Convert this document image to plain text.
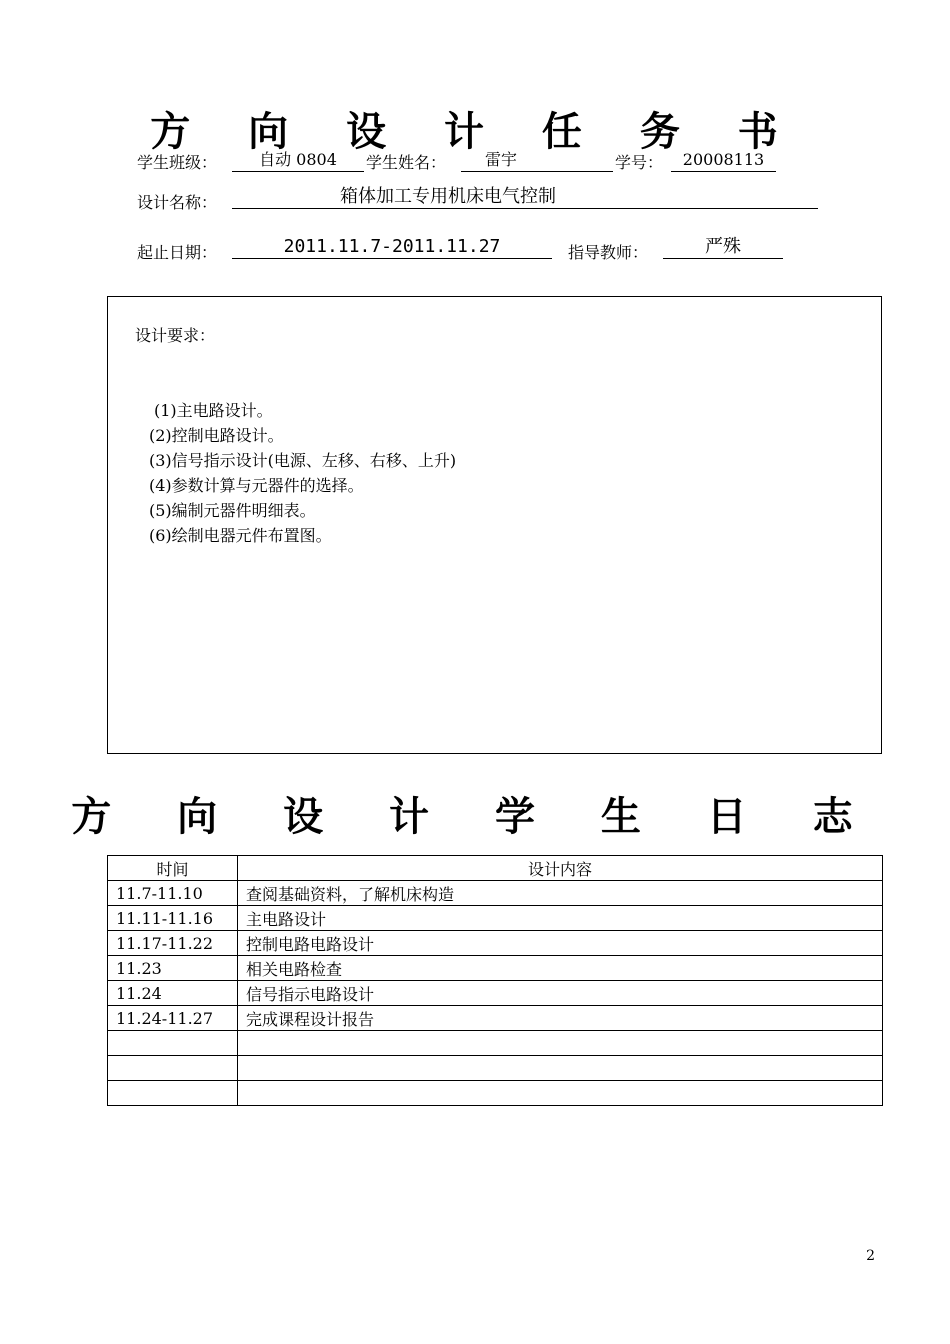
方 向 设 计 任 务 书
学生班级：	自动 0804	学生姓名：	雷宇	学号：	20008113
设计名称：	箱体加工专用机床电气控制
起止日期：	2011.11.7-2011.11.27	指导教师：	严殊
设计要求：
(1)主电路设计。
(2)控制电路设计。
(3)信号指示设计(电源、左移、右移、上升)
(4)参数计算与元器件的选择。
(5)编制元器件明细表。
(6)绘制电器元件布置图。
方 向 设 计 学 生 日 志
时间	设计内容
11.7-11.10	查阅基础资料，了解机床构造
11.11-11.16	主电路设计
11.17-11.22	控制电路电路设计
11.23	相关电路检查
11.24	信号指示电路设计
11.24-11.27	完成课程设计报告

2
